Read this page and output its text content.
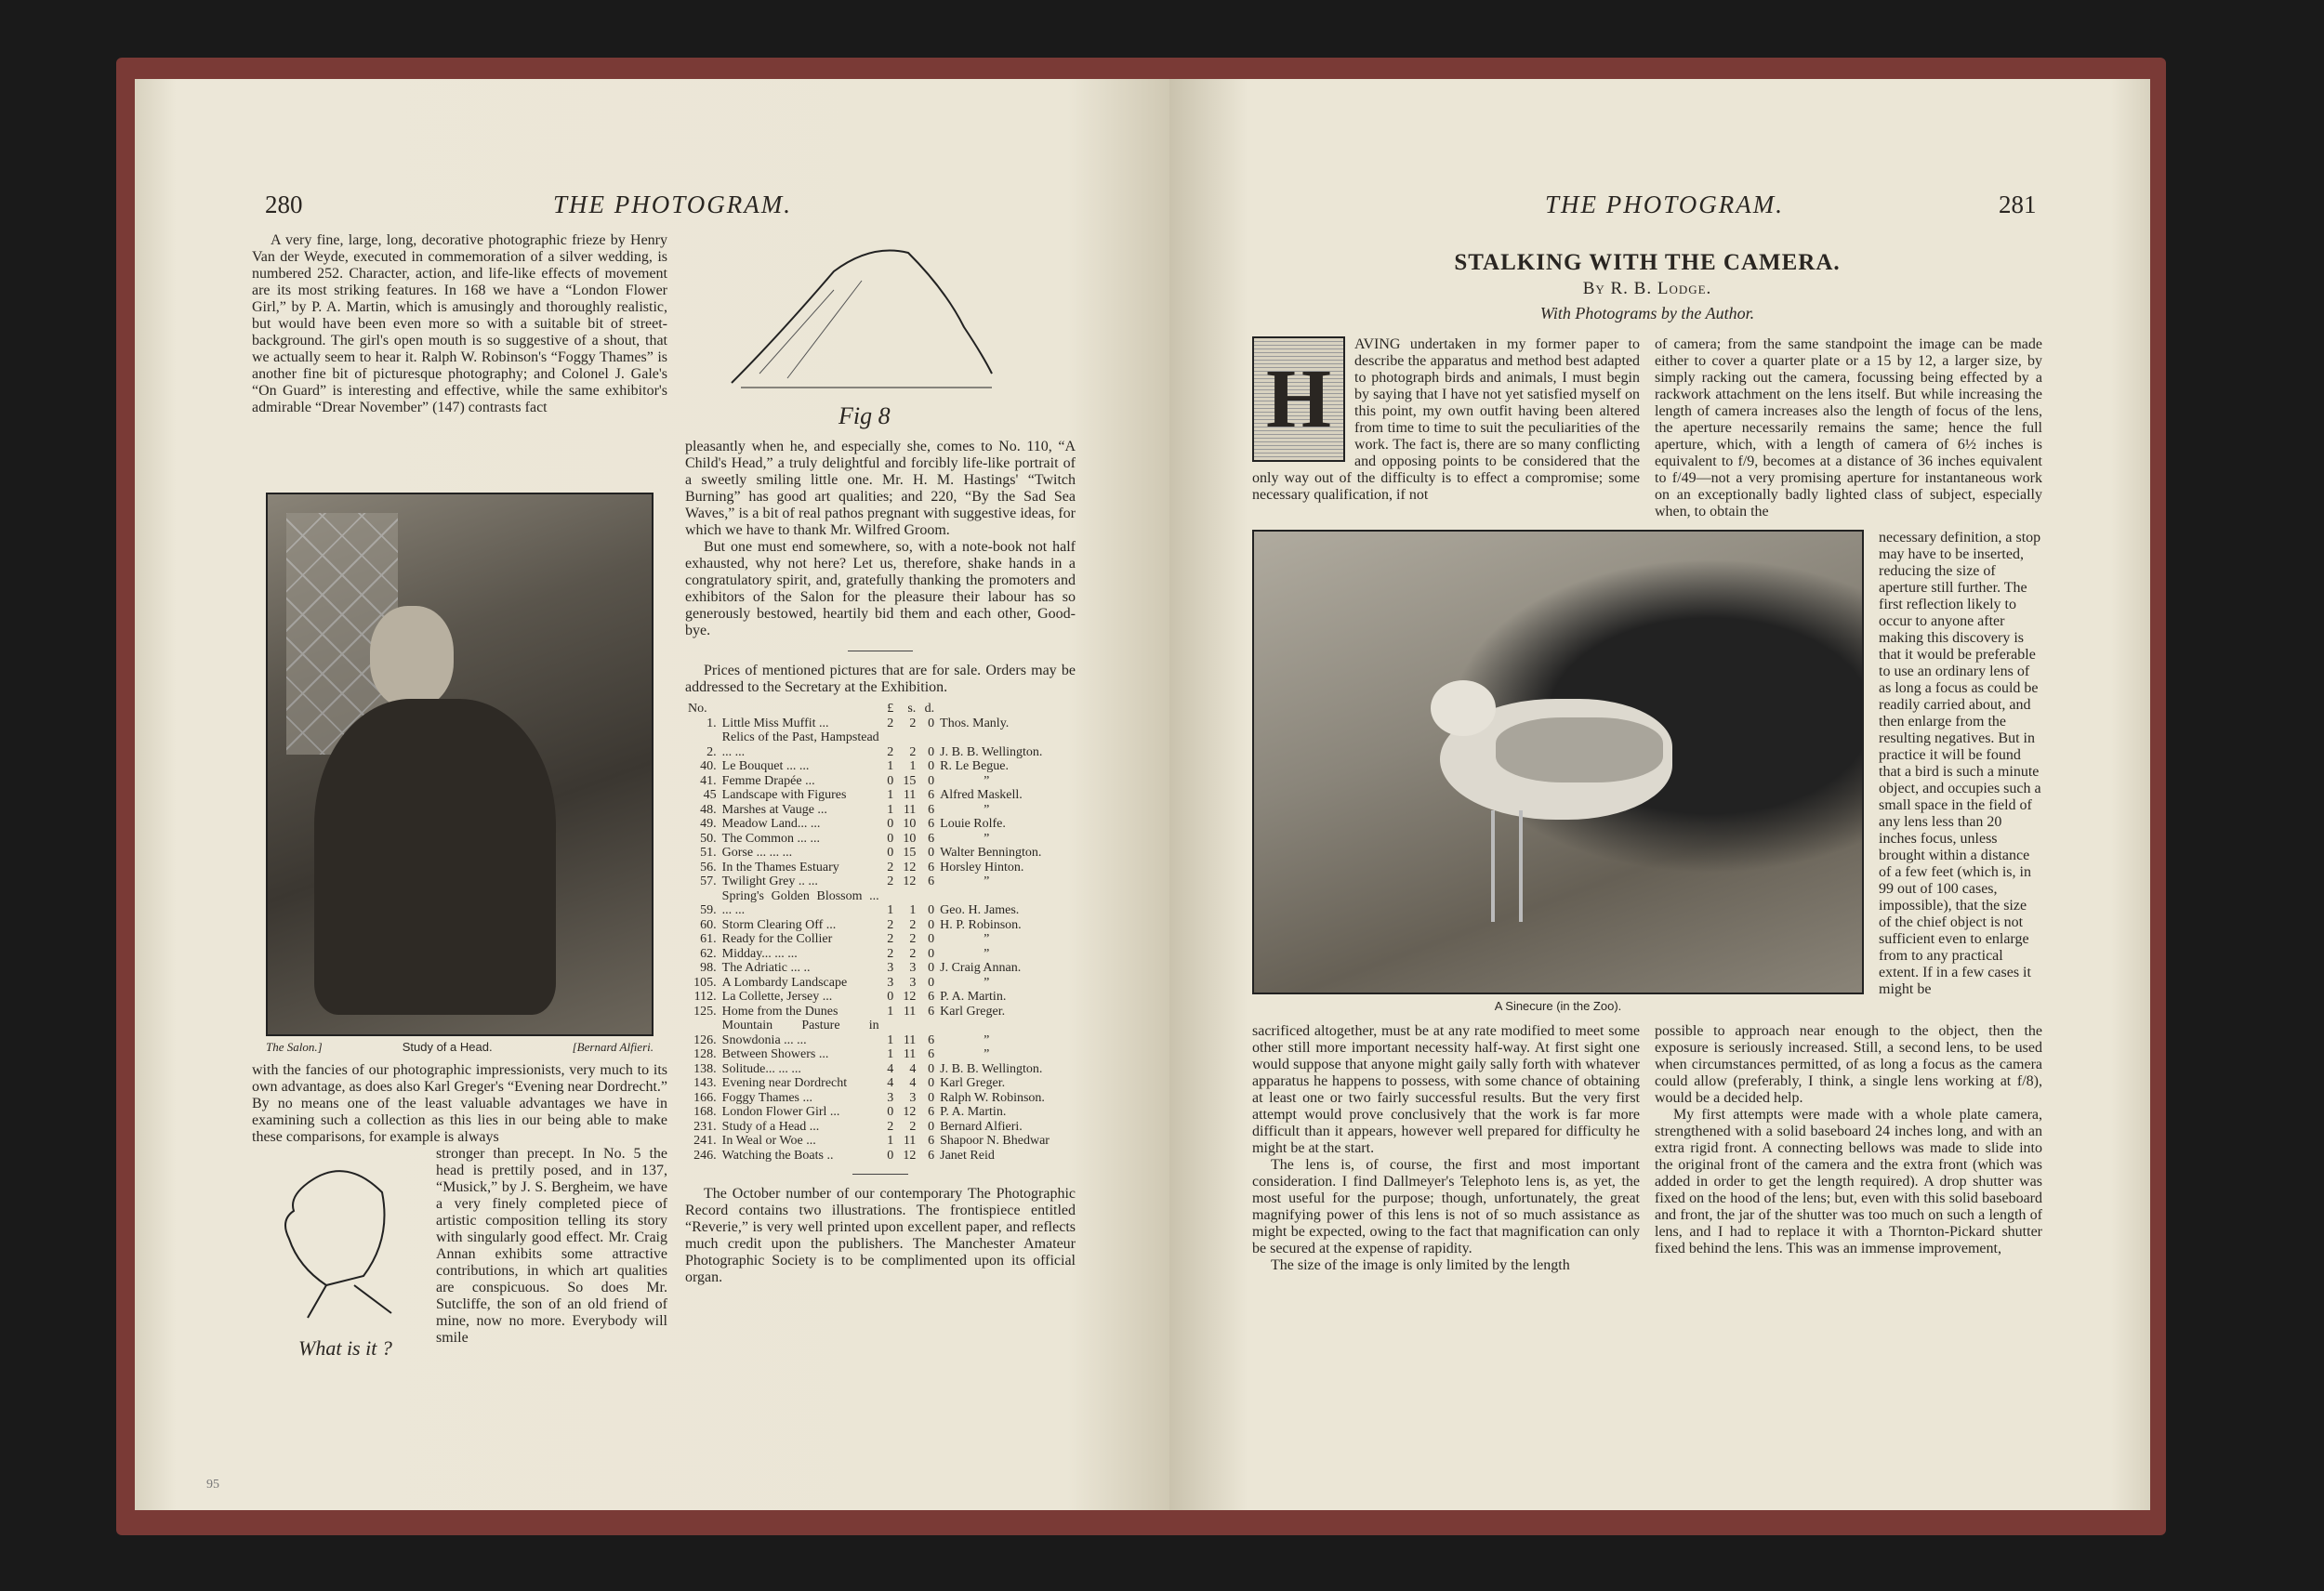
280	THE PHOTOGRAM.

A very fine, large, long, decorative photographic frieze by Henry Van der Weyde, executed in commemoration of a silver wedding, is numbered 252. Character, action, and life-like effects of movement are its most striking features. In 168 we have a “London Flower Girl,” by P. A. Martin, which is amusingly and thoroughly realistic, but would have been even more so with a suitable bit of street-background. The girl's open mouth is so suggestive of a shout, that we actually seem to hear it. Ralph W. Robinson's “Foggy Thames” is another fine bit of picturesque photography; and Colonel J. Gale's “On Guard” is interesting and effective, while the same exhibitor's admirable “Drear November” (147) contrasts fact

The Salon.]	Study of a Head.	[Bernard Alfieri.

with the fancies of our photographic impressionists, very much to its own advantage, as does also Karl Greger's “Evening near Dordrecht.” By no means one of the least valuable advantages we have in examining such a collection as this lies in our being able to make these comparisons, for example is always

What is it ?

stronger than precept. In No. 5 the head is prettily posed, and in 137, “Musick,” by J. S. Bergheim, we have a very finely completed piece of artistic composition telling its story with singularly good effect. Mr. Craig Annan exhibits some attractive contributions, in which art qualities are conspicuous. So does Mr. Sutcliffe, the son of an old friend of mine, now no more. Everybody will smile

Fig 8

pleasantly when he, and especially she, comes to No. 110, “A Child's Head,” a truly delightful and forcibly life-like portrait of a sweetly smiling little one. Mr. H. M. Hastings' “Twitch Burning” has good art qualities; and 220, “By the Sad Sea Waves,” is a bit of real pathos pregnant with suggestive ideas, for which we have to thank Mr. Wilfred Groom.

But one must end somewhere, so, with a note-book not half exhausted, why not here? Let us, therefore, shake hands in a congratulatory spirit, and, gratefully thanking the promoters and exhibitors of the Salon for the pleasure their labour has so generously bestowed, heartily bid them and each other, Good-bye.

Prices of mentioned pictures that are for sale. Orders may be addressed to the Secretary at the Exhibition.

No.		£	s.	d.	
1.	Little Miss Muffit ...	2	2	0	Thos. Manly.
2.	Relics of the Past, Hampstead ... ...	2	2	0	J. B. B. Wellington.
40.	Le Bouquet ... ...	1	1	0	R. Le Begue.
41.	Femme Drapée ...	0	15	0	”
45	Landscape with Figures	1	11	6	Alfred Maskell.
48.	Marshes at Vauge ...	1	11	6	”
49.	Meadow Land... ...	0	10	6	Louie Rolfe.
50.	The Common ... ...	0	10	6	”
51.	Gorse ... ... ...	0	15	0	Walter Bennington.
56.	In the Thames Estuary	2	12	6	Horsley Hinton.
57.	Twilight Grey .. ...	2	12	6	”
59.	Spring's Golden Blossom ... ... ...	1	1	0	Geo. H. James.
60.	Storm Clearing Off ...	2	2	0	H. P. Robinson.
61.	Ready for the Collier	2	2	0	”
62.	Midday... ... ...	2	2	0	”
98.	The Adriatic ... ..	3	3	0	J. Craig Annan.
105.	A Lombardy Landscape	3	3	0	”
112.	La Collette, Jersey ...	0	12	6	P. A. Martin.
125.	Home from the Dunes	1	11	6	Karl Greger.
126.	Mountain Pasture in Snowdonia ... ...	1	11	6	”
128.	Between Showers ...	1	11	6	”
138.	Solitude... ... ...	4	4	0	J. B. B. Wellington.
143.	Evening near Dordrecht	4	4	0	Karl Greger.
166.	Foggy Thames ...	3	3	0	Ralph W. Robinson.
168.	London Flower Girl ...	0	12	6	P. A. Martin.
231.	Study of a Head ...	2	2	0	Bernard Alfieri.
241.	In Weal or Woe ...	1	11	6	Shapoor N. Bhedwar
246.	Watching the Boats ..	0	12	6	Janet Reid

The October number of our contemporary The Photographic Record contains two illustrations. The frontispiece entitled “Reverie,” is very well printed upon excellent paper, and reflects much credit upon the publishers. The Manchester Amateur Photographic Society is to be complimented upon its official organ.

95
THE PHOTOGRAM.	281
STALKING WITH THE CAMERA.
By R. B. Lodge.
With Photograms by the Author.
H

AVING undertaken in my former paper to describe the apparatus and method best adapted to photograph birds and animals, I must begin by saying that I have not yet satisfied myself on this point, my own outfit having been altered from time to time to suit the peculiarities of the work. The fact is, there are so many conflicting and opposing points to be considered that the only way out of the difficulty is to effect a compromise; some necessary qualification, if not

of camera; from the same standpoint the image can be made either to cover a quarter plate or a 15 by 12, a larger size, by simply racking out the camera, focussing being effected by a rackwork attachment on the lens itself. But while increasing the length of camera increases also the length of focus of the lens, the aperture necessarily remains the same; hence the full aperture, which, with a length of camera of 6½ inches is equivalent to f/9, becomes at a distance of 36 inches equivalent to f/49—not a very promising aperture for instantaneous work on an exceptionally badly lighted class of subject, especially when, to obtain the

A Sinecure (in the Zoo).

necessary definition, a stop may have to be inserted, reducing the size of aperture still further. The first reflection likely to occur to anyone after making this discovery is that it would be preferable to use an ordinary lens of as long a focus as could be readily carried about, and then enlarge from the resulting negatives. But in practice it will be found that a bird is such a minute object, and occupies such a small space in the field of any lens less than 20 inches focus, unless brought within a distance of a few feet (which is, in 99 out of 100 cases, impossible), that the size of the chief object is not sufficient even to enlarge from to any practical extent. If in a few cases it might be

sacrificed altogether, must be at any rate modified to meet some other still more important necessity half-way. At first sight one would suppose that anyone might gaily sally forth with whatever apparatus he happens to possess, with some chance of obtaining at least one or two fairly successful results. But the very first attempt would prove conclusively that the work is far more difficult than it appears, however well prepared for difficulty he might be at the start.

The lens is, of course, the first and most important consideration. I find Dallmeyer's Telephoto lens is, as yet, the most useful for the purpose; though, unfortunately, the great magnifying power of this lens is not of so much assistance as might be expected, owing to the fact that magnification can only be secured at the expense of rapidity.

The size of the image is only limited by the length

possible to approach near enough to the object, then the exposure is seriously increased. Still, a second lens, to be used when circumstances permitted, of as long a focus as the camera could allow (preferably, I think, a single lens working at f/8), would be a decided help.

My first attempts were made with a whole plate camera, strengthened with a solid baseboard 24 inches long, and with an extra rigid front. A connecting bellows was made to slide into the original front of the camera and the extra front (which was added in order to get the length required). A drop shutter was fixed on the hood of the lens; but, even with this solid baseboard and front, the jar of the shutter was too much on such a length of lens, and I had to replace it with a Thornton-Pickard shutter fixed behind the lens. This was an immense improvement,
